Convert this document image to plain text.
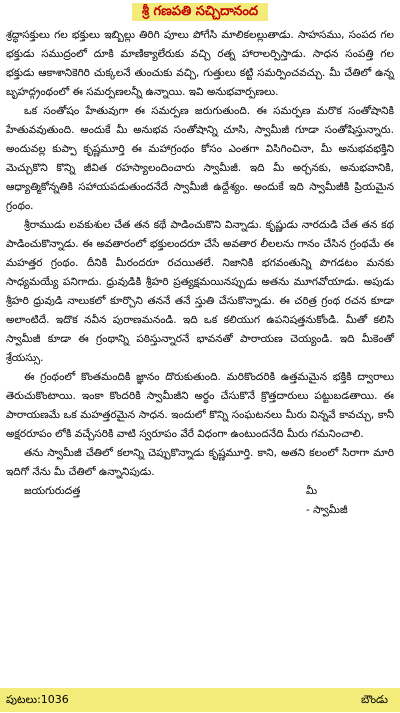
శ్రీ గణపతి సచ్చిదానంద

శ్రద్ధాసక్తులు గల భక్తులు ఇబ్బిల్లు తిరిగి పూలు పోగేసి మాలికలల్లుతాడు. సాహసము, సంపద గల భక్తుడు సముద్రంలో దూకి మాణిక్యాలేరుకు వచ్చి రత్న హారాలర్పిస్తాడు. సాధన సంపత్తి గల భక్తుడు ఆకాశానికెగిరి చుక్కలనే తుంచుకు వచ్చి, గుత్తులు కట్టి సమర్పించవచ్చు. మీ చేతిలో ఉన్న బృహద్గ్రంథంలో ఈ సమర్పణలన్నీ ఉన్నాయి. ఇవి అనుభవార్పణలు.

ఒక సంతోషం హేతువుగా ఈ సమర్పణ జరుగుతుంది. ఈ సమర్పణ మరొక సంతోషానికి హేతువవుతుంది. అందుకే మీ అనుభవ సంతోషాన్ని చూసి, స్వామీజీ గూడా సంతోషిస్తున్నారు. అందువల్ల కుప్పా కృష్ణమూర్తి ఈ మహాగ్రంథం కోసం ఎంతగా విసిగించినా, మీ అనుభవభక్తిని మెచ్చుకొని కొన్ని జీవిత రహస్యాలందించారు స్వామీజీ. ఇది మీ అర్చనకు, అనుభవానికి, ఆధ్యాత్మికోన్నతికి సహాయపడుతుందనేదే స్వామీజీ ఉద్దేశ్యం. అందుకే ఇది స్వామీజీకి ప్రియమైన గ్రంథం.

శ్రీరాముడు లవకుశుల చేత తన కథే పాడించుకొని విన్నాడు. కృష్ణుడు నారదుడి చేత తన కథ పాడించుకొన్నాడు. ఈ అవతారంలో భక్తులందరూ చేసే అవతార లీలలను గానం చేసిన గ్రంథమే ఈ మహత్తర గ్రంథం. దీనికి మీరందరూ రచయితలే. నిజానికి భగవంతున్ని పొగడటం మనకు సాధ్యమయ్యే పనిగాదు. ధ్రువుడికి శ్రీహరి ప్రత్యక్షమయినప్పుడు అతను మూగవోయాడు. అపుడు శ్రీహరి ధ్రువుడి నాలుకలో కూర్చొని తననే తనే స్తుతి చేసుకొన్నాడు. ఈ చరిత్ర గ్రంథ రచన కూడా అలాంటిదే. ఇదొక నవీన పురాణమనండి. ఇది ఒక కలియుగ ఉపనిషత్తనుకోండి. మీతో కలిసి స్వామీజీ కూడా ఈ గ్రంథాన్ని పఠిస్తున్నారనే భావనతో పారాయణ చెయ్యండి. ఇది మీకెంతో శ్రేయస్సు.

ఈ గ్రంథంలో కొంతమందికి జ్ఞానం దొరుకుతుంది. మరికొందరికి ఉత్తమమైన భక్తికి ద్వారాలు తెరుచుకొంటాయి. ఇంకా కొందరికి స్వామీజీని అర్థం చేసుకొనే క్రొత్తదారులు పట్టుబడతాయి. ఈ పారాయణమే ఒక మహత్తరమైన సాధన. ఇందులో కొన్ని సంఘటనలు మీరు విన్నవే కావచ్చు, కానీ అక్షరరూపం లోకి వచ్చేసరికి వాటి స్వరూపం వేరే విధంగా ఉంటుందనేది మీరు గమనించాలి.

తను స్వామీజీ చేతిలో కలాన్ని చెప్పుకొన్నాడు కృష్ణమూర్తి. కాని, అతని కలంలో సిరాగా మారి ఇదిగో నేను మీ చేతిలో ఉన్నానిపుడు.

జయగురుదత్త	మీ
- స్వామీజీ
పుటలు:1036	బౌండు
